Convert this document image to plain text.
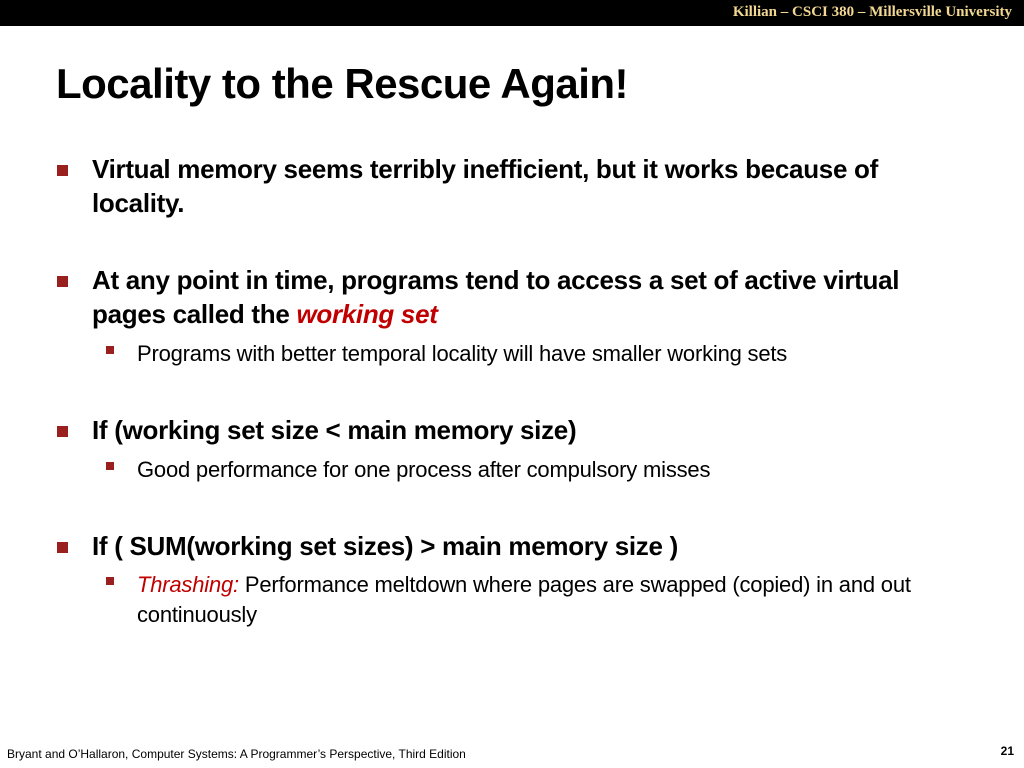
Killian – CSCI 380 – Millersville University
Locality to the Rescue Again!
Virtual memory seems terribly inefficient, but it works because of locality.
At any point in time, programs tend to access a set of active virtual pages called the working set
Programs with better temporal locality will have smaller working sets
If (working set size < main memory size)
Good performance for one process after compulsory misses
If ( SUM(working set sizes) > main memory size )
Thrashing: Performance meltdown where pages are swapped (copied) in and out continuously
Bryant and O’Hallaron, Computer Systems: A Programmer’s Perspective, Third Edition	21
